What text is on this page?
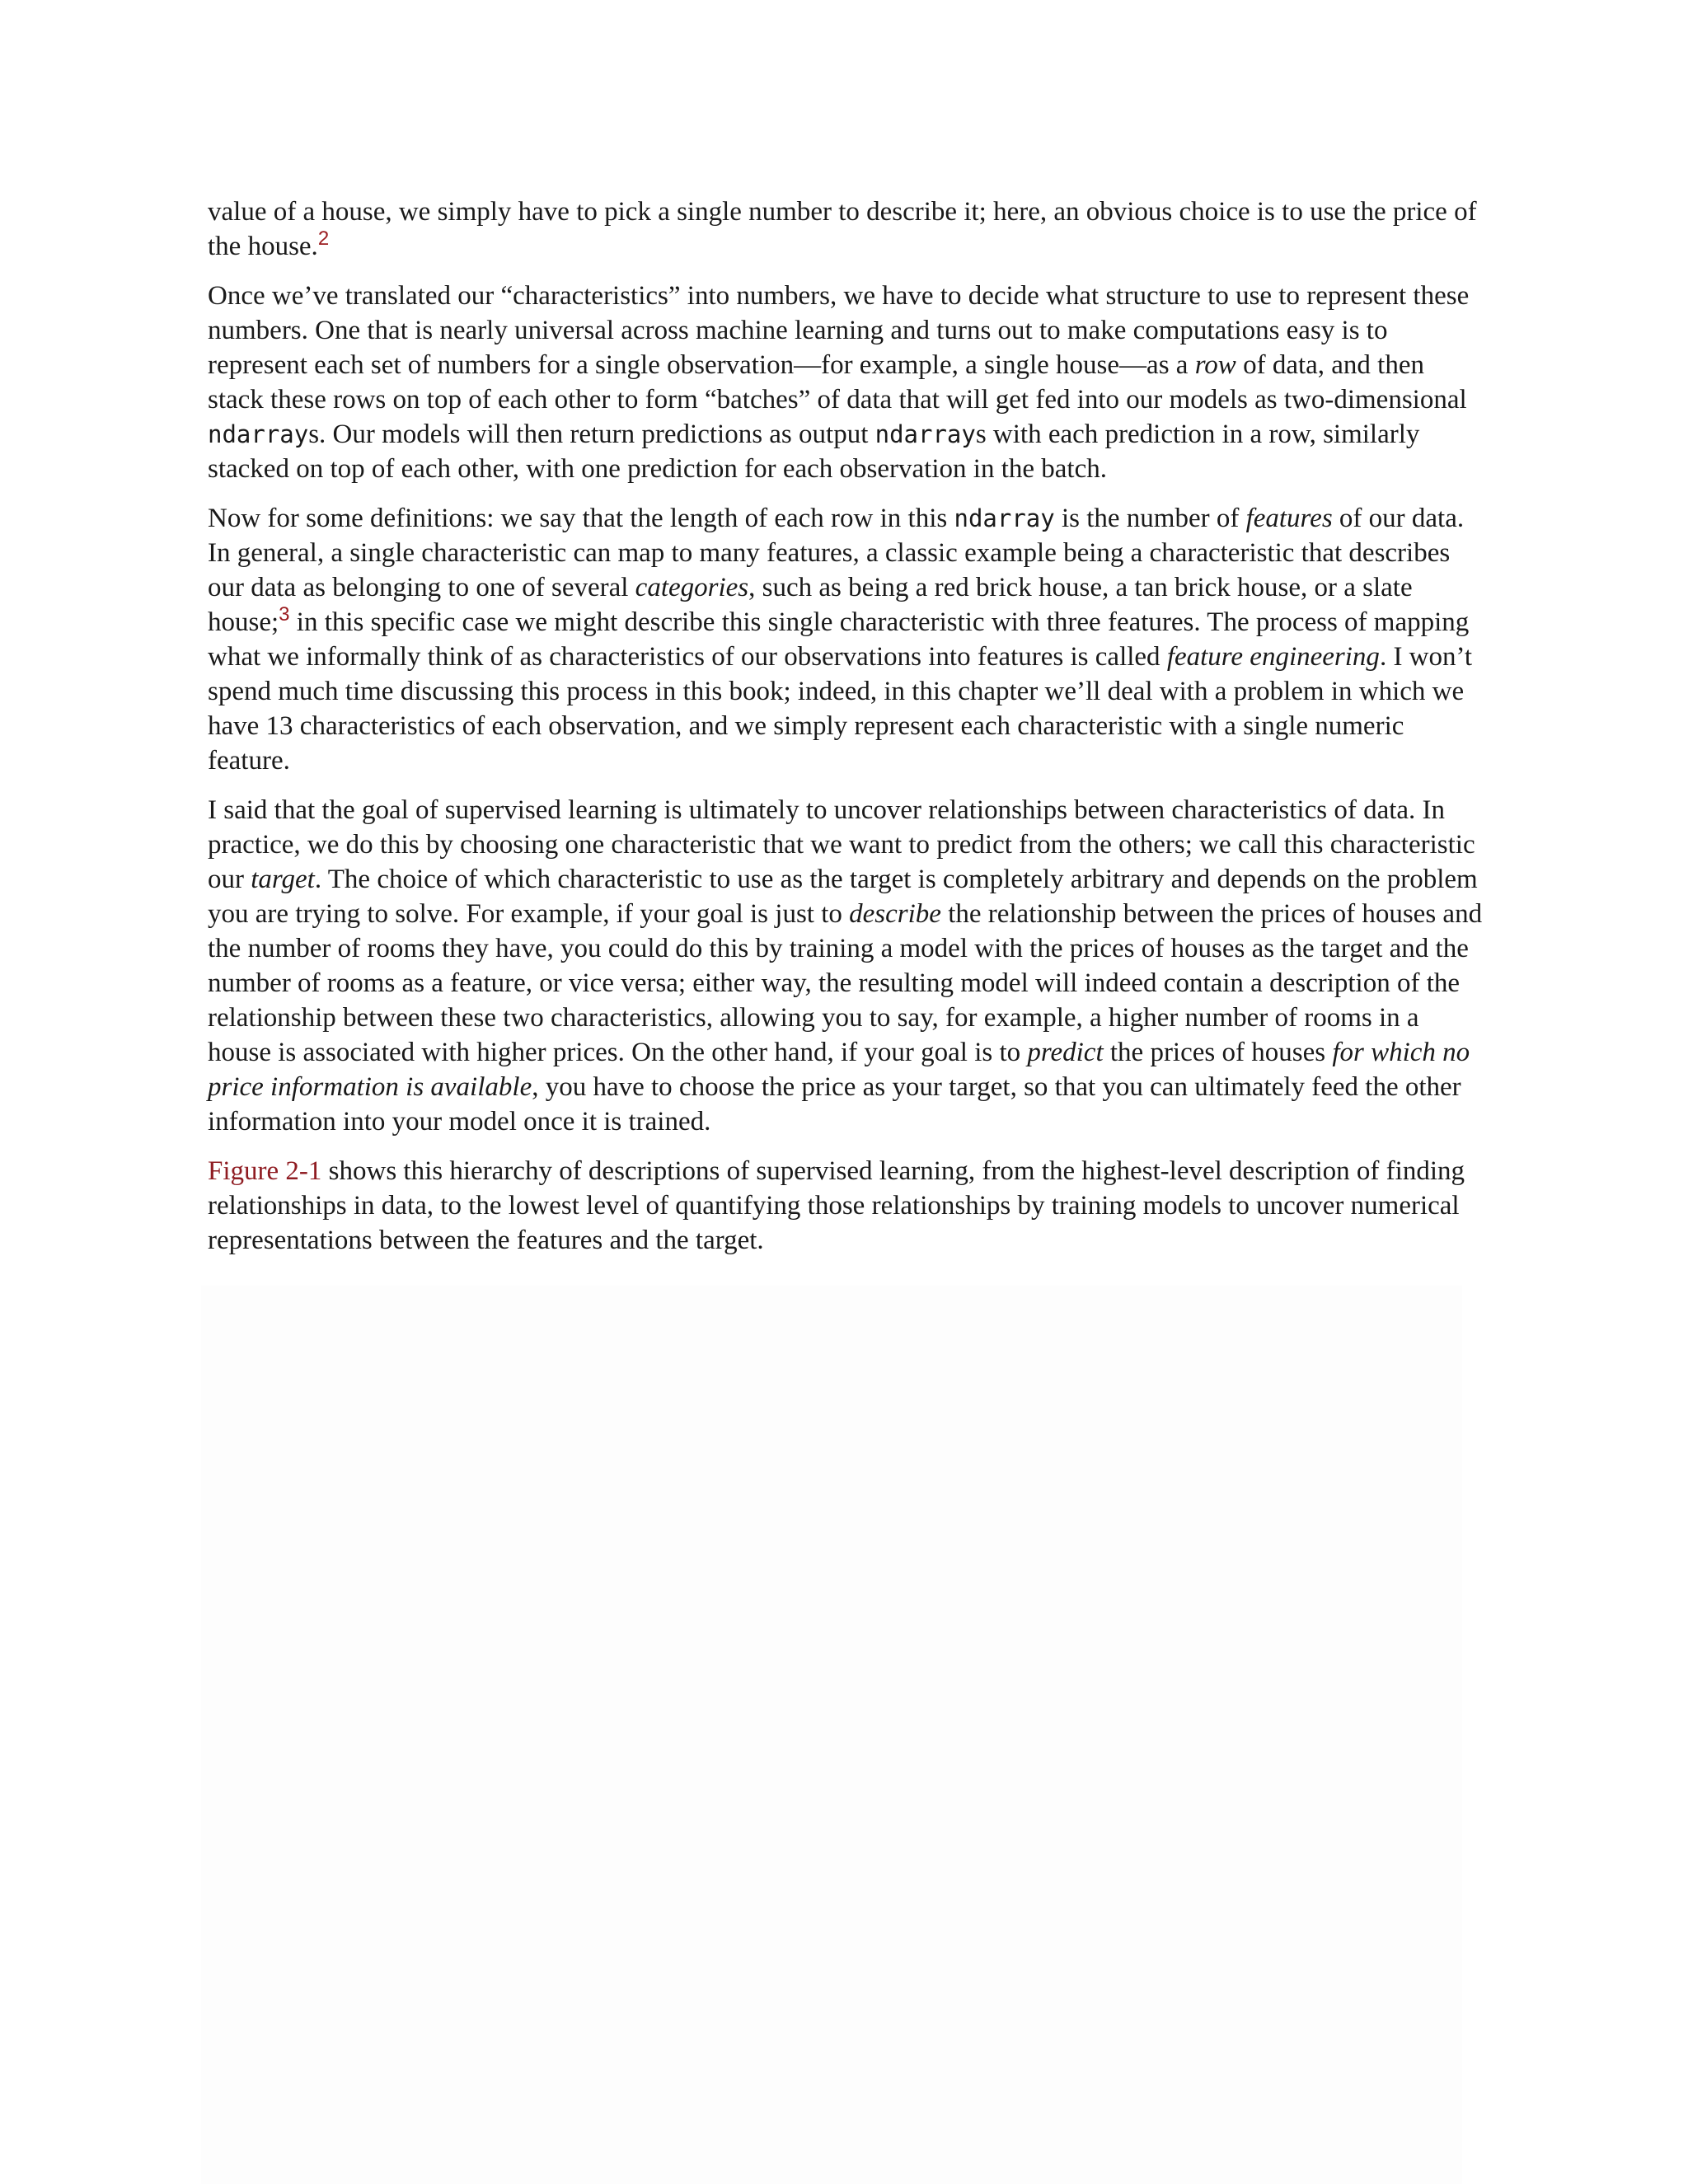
value of a house, we simply have to pick a single number to describe it; here, an obvious choice is to use the price of the house.$^2$

Once we’ve translated our “characteristics” into numbers, we have to decide what structure to use to represent these numbers. One that is nearly universal across machine learning and turns out to make computations easy is to represent each set of numbers for a single observation—for example, a single house—as a row of data, and then stack these rows on top of each other to form “batches” of data that will get fed into our models as two-dimensional ndarrays. Our models will then return predictions as output ndarrays with each prediction in a row, similarly stacked on top of each other, with one prediction for each observation in the batch.

Now for some definitions: we say that the length of each row in this ndarray is the number of features of our data. In general, a single characteristic can map to many features, a classic example being a characteristic that describes our data as belonging to one of several categories, such as being a red brick house, a tan brick house, or a slate house;$^3$ in this specific case we might describe this single characteristic with three features. The process of mapping what we informally think of as characteristics of our observations into features is called feature engineering. I won’t spend much time discussing this process in this book; indeed, in this chapter we’ll deal with a problem in which we have 13 characteristics of each observation, and we simply represent each characteristic with a single numeric feature.

I said that the goal of supervised learning is ultimately to uncover relationships between characteristics of data. In practice, we do this by choosing one characteristic that we want to predict from the others; we call this characteristic our target. The choice of which characteristic to use as the target is completely arbitrary and depends on the problem you are trying to solve. For example, if your goal is just to describe the relationship between the prices of houses and the number of rooms they have, you could do this by training a model with the prices of houses as the target and the number of rooms as a feature, or vice versa; either way, the resulting model will indeed contain a description of the relationship between these two characteristics, allowing you to say, for example, a higher number of rooms in a house is associated with higher prices. On the other hand, if your goal is to predict the prices of houses for which no price information is available, you have to choose the price as your target, so that you can ultimately feed the other information into your model once it is trained.

Figure 2-1 shows this hierarchy of descriptions of supervised learning, from the highest-level description of finding relationships in data, to the lowest level of quantifying those relationships by training models to uncover numerical representations between the features and the target.
